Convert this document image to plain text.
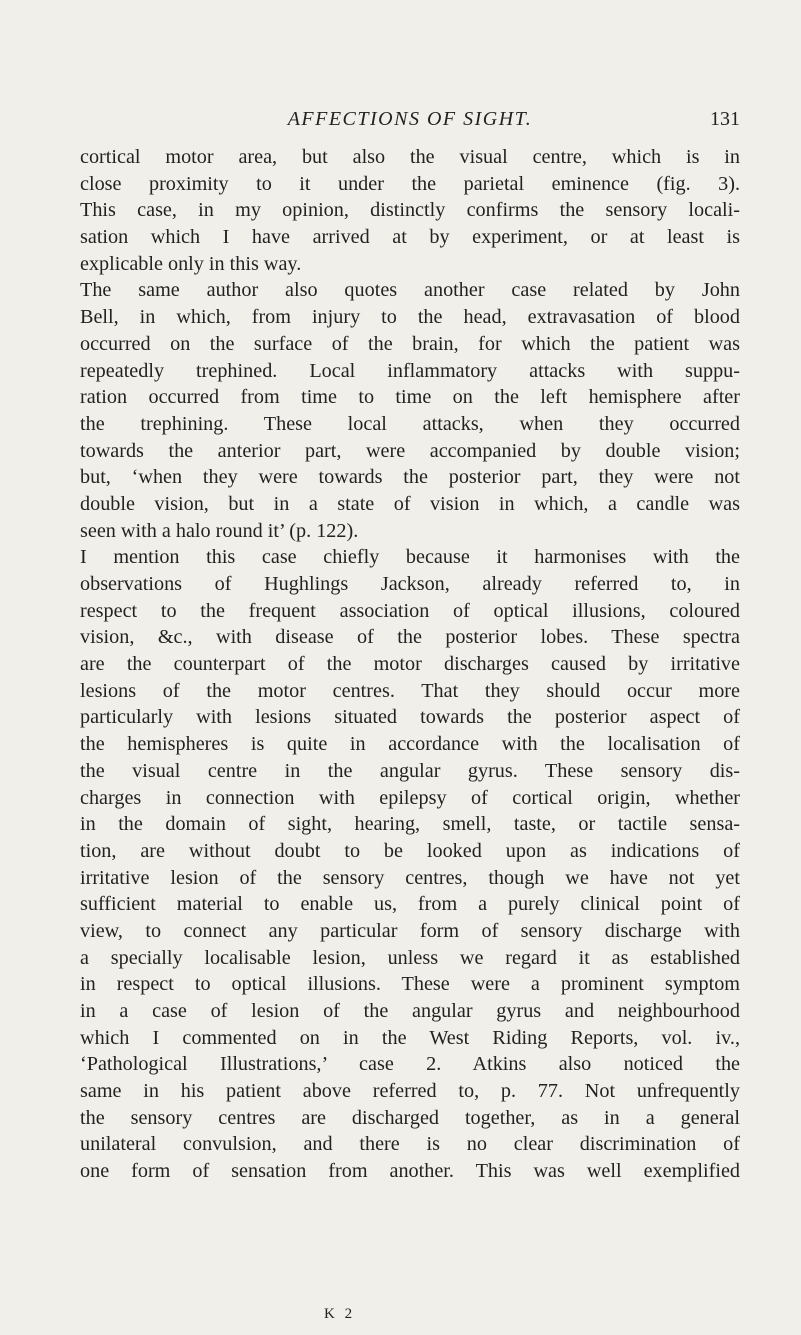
AFFECTIONS OF SIGHT.	131
cortical motor area, but also the visual centre, which is in
close proximity to it under the parietal eminence (fig. 3).
This case, in my opinion, distinctly confirms the sensory locali-
sation which I have arrived at by experiment, or at least is
explicable only in this way.
The same author also quotes another case related by John
Bell, in which, from injury to the head, extravasation of blood
occurred on the surface of the brain, for which the patient was
repeatedly trephined. Local inflammatory attacks with suppu-
ration occurred from time to time on the left hemisphere after
the trephining. These local attacks, when they occurred
towards the anterior part, were accompanied by double vision;
but, ‘when they were towards the posterior part, they were not
double vision, but in a state of vision in which, a candle was
seen with a halo round it’ (p. 122).
I mention this case chiefly because it harmonises with the
observations of Hughlings Jackson, already referred to, in
respect to the frequent association of optical illusions, coloured
vision, &c., with disease of the posterior lobes. These spectra
are the counterpart of the motor discharges caused by irritative
lesions of the motor centres. That they should occur more
particularly with lesions situated towards the posterior aspect of
the hemispheres is quite in accordance with the localisation of
the visual centre in the angular gyrus. These sensory dis-
charges in connection with epilepsy of cortical origin, whether
in the domain of sight, hearing, smell, taste, or tactile sensa-
tion, are without doubt to be looked upon as indications of
irritative lesion of the sensory centres, though we have not yet
sufficient material to enable us, from a purely clinical point of
view, to connect any particular form of sensory discharge with
a specially localisable lesion, unless we regard it as established
in respect to optical illusions. These were a prominent symptom
in a case of lesion of the angular gyrus and neighbourhood
which I commented on in the West Riding Reports, vol. iv.,
‘Pathological Illustrations,’ case 2. Atkins also noticed the
same in his patient above referred to, p. 77. Not unfrequently
the sensory centres are discharged together, as in a general
unilateral convulsion, and there is no clear discrimination of
one form of sensation from another. This was well exemplified
K 2
